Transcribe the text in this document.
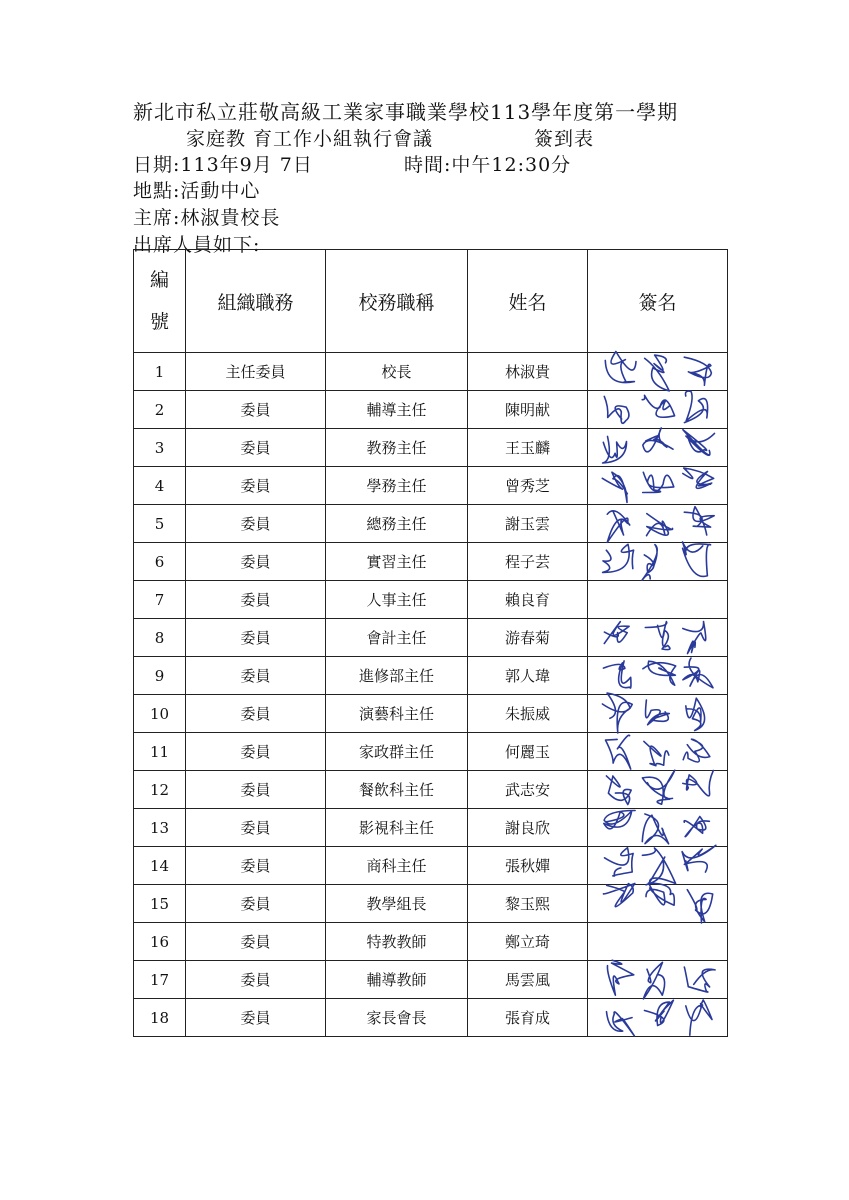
新北市私立莊敬高級工業家事職業學校113學年度第一學期
家庭教 育工作小組執行會議	簽到表
日期:113年9月 7日	時間:中午12:30分
地點:活動中心
主席:林淑貴校長
出席人員如下:
編號	組織職務	校務職稱	姓名	簽名
1	主任委員	校長	林淑貴	

2	委員	輔導主任	陳明献	

3	委員	教務主任	王玉麟	

4	委員	學務主任	曾秀芝	

5	委員	總務主任	謝玉雲	

6	委員	實習主任	程子芸	

7	委員	人事主任	賴良育	
8	委員	會計主任	游春菊	

9	委員	進修部主任	郭人瑋	

10	委員	演藝科主任	朱振威	

11	委員	家政群主任	何麗玉	

12	委員	餐飲科主任	武志安	

13	委員	影視科主任	謝良欣	

14	委員	商科主任	張秋嬋	

15	委員	教學組長	黎玉熙	

16	委員	特教教師	鄭立琦	
17	委員	輔導教師	馬雲風	

18	委員	家長會長	張育成	
